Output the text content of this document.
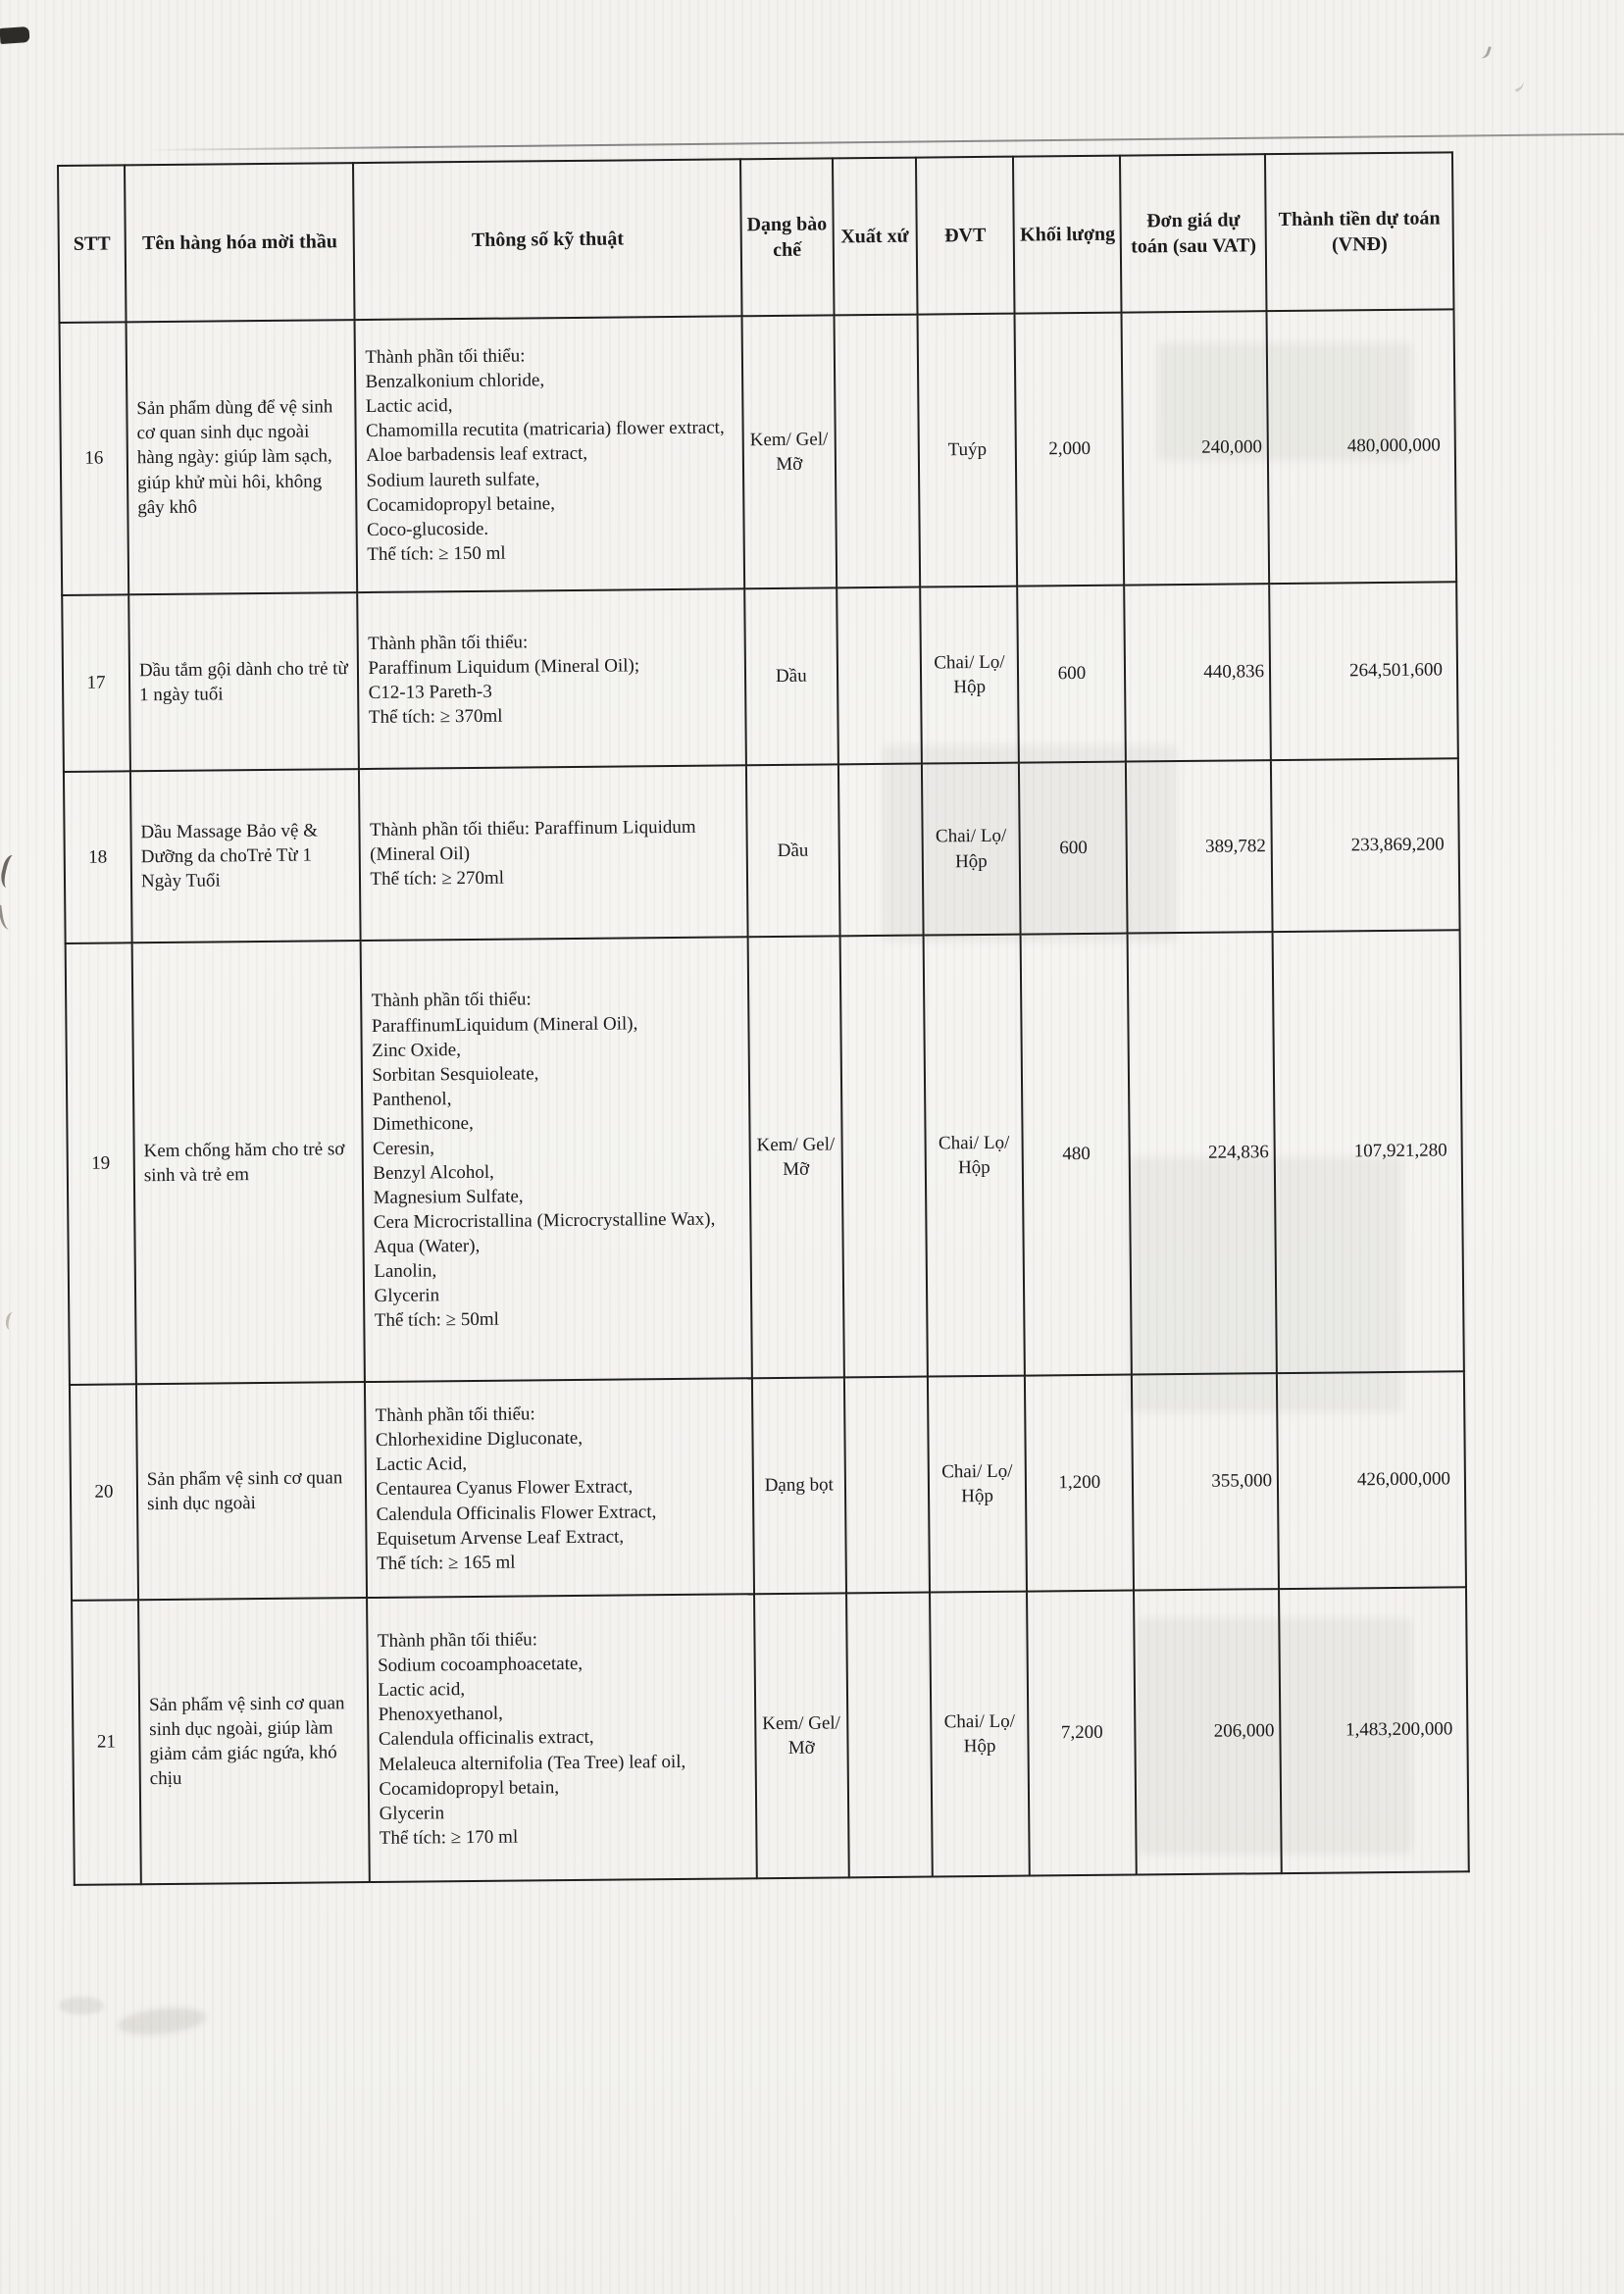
STT	Tên hàng hóa mời thầu	Thông số kỹ thuật	Dạng bào chế	Xuất xứ	ĐVT	Khối lượng	Đơn giá dự toán (sau VAT)	Thành tiền dự toán (VNĐ)
16	Sản phẩm dùng để vệ sinh cơ quan sinh dục ngoài hàng ngày: giúp làm sạch, giúp khử mùi hôi, không gây khô	Thành phần tối thiểu:
Benzalkonium chloride,
Lactic acid,
Chamomilla recutita (matricaria) flower extract,
Aloe barbadensis leaf extract,
Sodium laureth sulfate,
Cocamidopropyl betaine,
Coco-glucoside.
Thể tích: ≥ 150 ml	Kem/ Gel/ Mỡ		Tuýp	2,000	240,000	480,000,000
17	Dầu tắm gội dành cho trẻ từ 1 ngày tuổi	Thành phần tối thiểu:
Paraffinum Liquidum (Mineral Oil);
C12-13 Pareth-3
Thể tích: ≥ 370ml	Dầu		Chai/ Lọ/ Hộp	600	440,836	264,501,600
18	Dầu Massage Bảo vệ & Dưỡng da choTrẻ Từ 1 Ngày Tuổi	Thành phần tối thiểu: Paraffinum Liquidum (Mineral Oil)
Thể tích: ≥ 270ml	Dầu		Chai/ Lọ/ Hộp	600	389,782	233,869,200
19	Kem chống hăm cho trẻ sơ sinh và trẻ em	Thành phần tối thiểu:
ParaffinumLiquidum (Mineral Oil),
Zinc Oxide,
Sorbitan Sesquioleate,
Panthenol,
Dimethicone,
Ceresin,
Benzyl Alcohol,
Magnesium Sulfate,
Cera Microcristallina (Microcrystalline Wax),
Aqua (Water),
Lanolin,
Glycerin
Thể tích: ≥ 50ml	Kem/ Gel/ Mỡ		Chai/ Lọ/ Hộp	480	224,836	107,921,280
20	Sản phẩm vệ sinh cơ quan sinh dục ngoài	Thành phần tối thiểu:
Chlorhexidine Digluconate,
Lactic Acid,
Centaurea Cyanus Flower Extract,
Calendula Officinalis Flower Extract,
Equisetum Arvense Leaf Extract,
Thể tích: ≥ 165 ml	Dạng bọt		Chai/ Lọ/ Hộp	1,200	355,000	426,000,000
21	Sản phẩm vệ sinh cơ quan sinh dục ngoài, giúp làm giảm cảm giác ngứa, khó chịu	Thành phần tối thiểu:
Sodium cocoamphoacetate,
Lactic acid,
Phenoxyethanol,
Calendula officinalis extract,
Melaleuca alternifolia (Tea Tree) leaf oil,
Cocamidopropyl betain,
Glycerin
Thể tích: ≥ 170 ml	Kem/ Gel/ Mỡ		Chai/ Lọ/ Hộp	7,200	206,000	1,483,200,000
